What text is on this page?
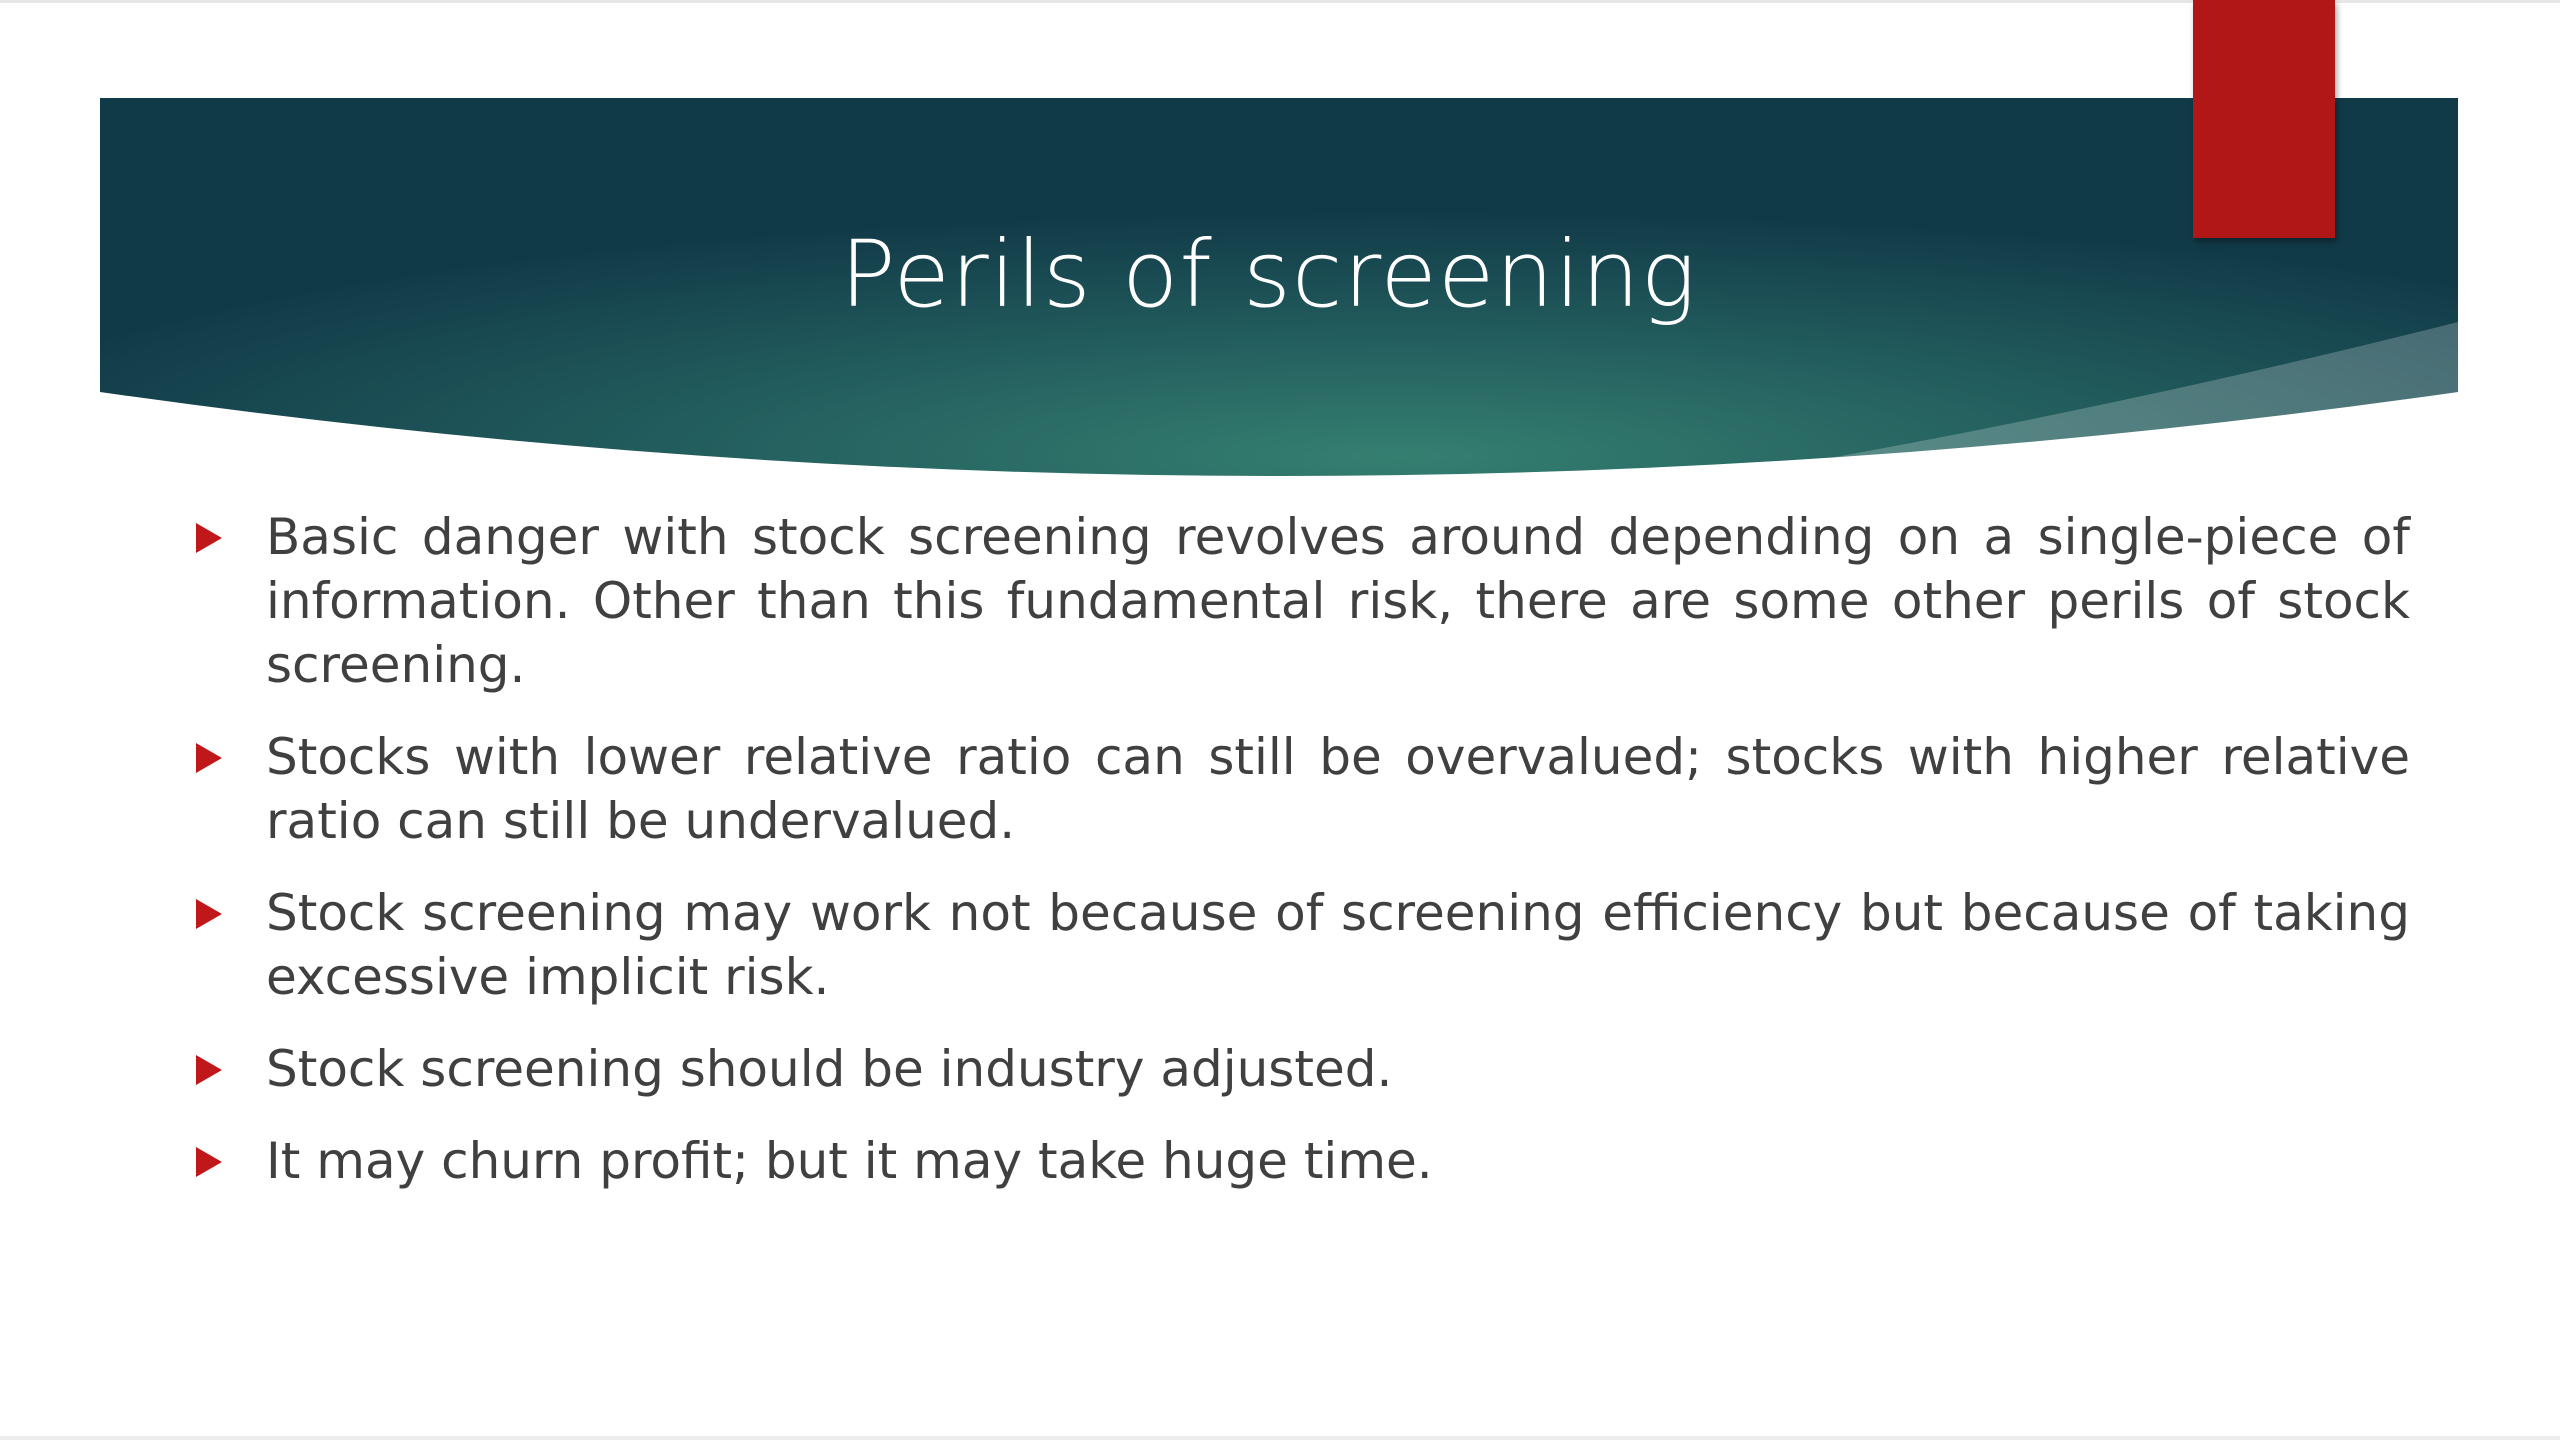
Perils of screening
Basic danger with stock screening revolves around depending on a single-piece of information. Other than this fundamental risk, there are some other perils of stock screening.
Stocks with lower relative ratio can still be overvalued; stocks with higher relative ratio can still be undervalued.
Stock screening may work not because of screening efficiency but because of taking excessive implicit risk.
Stock screening should be industry adjusted.
It may churn profit; but it may take huge time.
